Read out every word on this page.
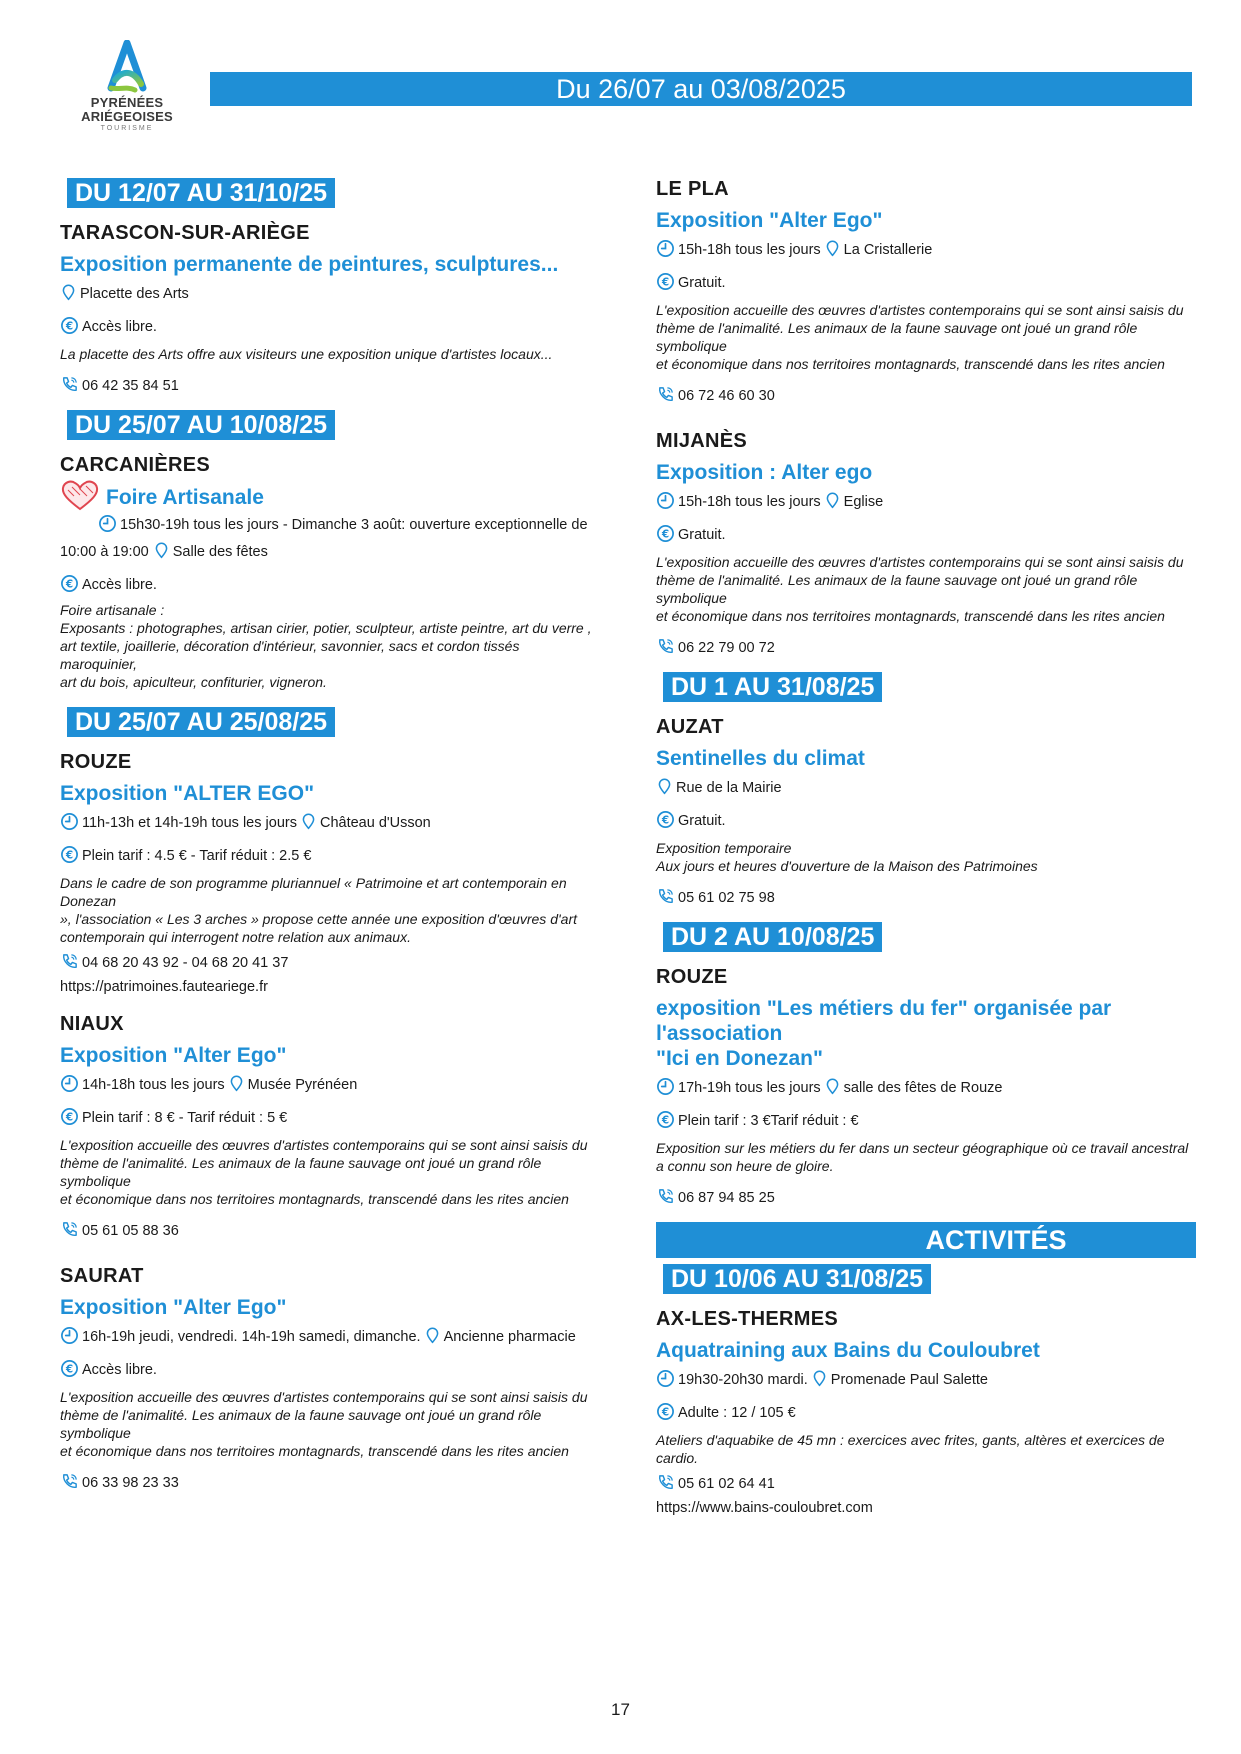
PYRÉNÉES
ARIÉGEOISES
TOURISME
Du 26/07 au 03/08/2025
DU 12/07 AU 31/10/25
TARASCON-SUR-ARIÈGE
Exposition permanente de peintures, sculptures...
Placette des Arts
Accès libre.
La placette des Arts offre aux visiteurs une exposition unique d'artistes locaux...
06 42 35 84 51
DU 25/07 AU 10/08/25
CARCANIÈRES
Foire Artisanale
15h30-19h tous les jours - Dimanche 3 août: ouverture exceptionnelle de
10:00 à 19:00 Salle des fêtes
Accès libre.
Foire artisanale :
Exposants : photographes, artisan cirier, potier, sculpteur, artiste peintre, art du verre ,
art textile, joaillerie, décoration d'intérieur, savonnier, sacs et cordon tissés maroquinier,
art du bois, apiculteur, confiturier, vigneron.
DU 25/07 AU 25/08/25
ROUZE
Exposition "ALTER EGO"
11h-13h et 14h-19h tous les jours Château d'Usson
Plein tarif : 4.5 € - Tarif réduit : 2.5 €
Dans le cadre de son programme pluriannuel « Patrimoine et art contemporain en Donezan
», l'association « Les 3 arches » propose cette année une exposition d'œuvres d'art
contemporain qui interrogent notre relation aux animaux.
04 68 20 43 92 - 04 68 20 41 37
https://patrimoines.fauteariege.fr
NIAUX
Exposition "Alter Ego"
14h-18h tous les jours Musée Pyrénéen
Plein tarif : 8 € - Tarif réduit : 5 €
L'exposition accueille des œuvres d'artistes contemporains qui se sont ainsi saisis du
thème de l'animalité. Les animaux de la faune sauvage ont joué un grand rôle symbolique
et économique dans nos territoires montagnards, transcendé dans les rites ancien
05 61 05 88 36
SAURAT
Exposition "Alter Ego"
16h-19h jeudi, vendredi. 14h-19h samedi, dimanche. Ancienne pharmacie
Accès libre.
L'exposition accueille des œuvres d'artistes contemporains qui se sont ainsi saisis du
thème de l'animalité. Les animaux de la faune sauvage ont joué un grand rôle symbolique
et économique dans nos territoires montagnards, transcendé dans les rites ancien
06 33 98 23 33
LE PLA
Exposition "Alter Ego"
15h-18h tous les jours La Cristallerie
Gratuit.
L'exposition accueille des œuvres d'artistes contemporains qui se sont ainsi saisis du
thème de l'animalité. Les animaux de la faune sauvage ont joué un grand rôle symbolique
et économique dans nos territoires montagnards, transcendé dans les rites ancien
06 72 46 60 30
MIJANÈS
Exposition : Alter ego
15h-18h tous les jours Eglise
Gratuit.
L'exposition accueille des œuvres d'artistes contemporains qui se sont ainsi saisis du
thème de l'animalité. Les animaux de la faune sauvage ont joué un grand rôle symbolique
et économique dans nos territoires montagnards, transcendé dans les rites ancien
06 22 79 00 72
DU 1 AU 31/08/25
AUZAT
Sentinelles du climat
Rue de la Mairie
Gratuit.
Exposition temporaire
Aux jours et heures d'ouverture de la Maison des Patrimoines
05 61 02 75 98
DU 2 AU 10/08/25
ROUZE
exposition "Les métiers du fer" organisée par l'association
"Ici en Donezan"
17h-19h tous les jours salle des fêtes de Rouze
Plein tarif : 3 €Tarif réduit : €
Exposition sur les métiers du fer dans un secteur géographique où ce travail ancestral
a connu son heure de gloire.
06 87 94 85 25
ACTIVITÉS
DU 10/06 AU 31/08/25
AX-LES-THERMES
Aquatraining aux Bains du Couloubret
19h30-20h30 mardi. Promenade Paul Salette
Adulte : 12 / 105 €
Ateliers d'aquabike de 45 mn : exercices avec frites, gants, altères et exercices de cardio.
05 61 02 64 41
https://www.bains-couloubret.com
17
